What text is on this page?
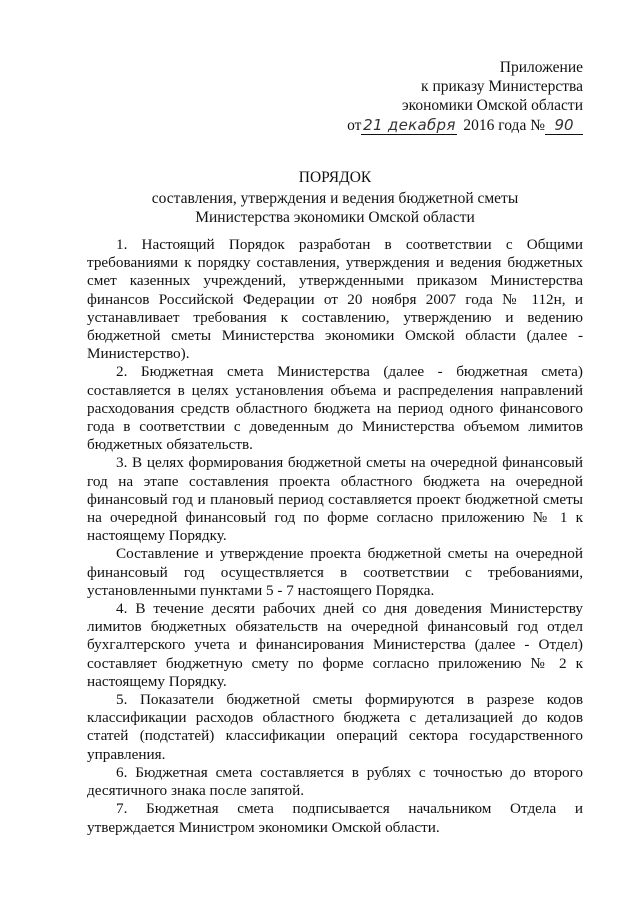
Приложение
к приказу Министерства
экономики Омской области
от 21 декабря 2016 года № 90
ПОРЯДОК
составления, утверждения и ведения бюджетной сметы
Министерства экономики Омской области

1. Настоящий Порядок разработан в соответствии с Общими требованиями к порядку составления, утверждения и ведения бюджетных смет казенных учреждений, утвержденными приказом Министерства финансов Российской Федерации от 20 ноября 2007 года № 112н, и устанавливает требования к составлению, утверждению и ведению бюджетной сметы Министерства экономики Омской области (далее - Министерство).

2. Бюджетная смета Министерства (далее - бюджетная смета) составляется в целях установления объема и распределения направлений расходования средств областного бюджета на период одного финансового года в соответствии с доведенным до Министерства объемом лимитов бюджетных обязательств.

3. В целях формирования бюджетной сметы на очередной финансовый год на этапе составления проекта областного бюджета на очередной финансовый год и плановый период составляется проект бюджетной сметы на очередной финансовый год по форме согласно приложению № 1 к настоящему Порядку.

Составление и утверждение проекта бюджетной сметы на очередной финансовый год осуществляется в соответствии с требованиями, установленными пунктами 5 - 7 настоящего Порядка.

4. В течение десяти рабочих дней со дня доведения Министерству лимитов бюджетных обязательств на очередной финансовый год отдел бухгалтерского учета и финансирования Министерства (далее - Отдел) составляет бюджетную смету по форме согласно приложению № 2 к настоящему Порядку.

5. Показатели бюджетной сметы формируются в разрезе кодов классификации расходов областного бюджета с детализацией до кодов статей (подстатей) классификации операций сектора государственного управления.

6. Бюджетная смета составляется в рублях с точностью до второго десятичного знака после запятой.

7. Бюджетная смета подписывается начальником Отдела и утверждается Министром экономики Омской области.
